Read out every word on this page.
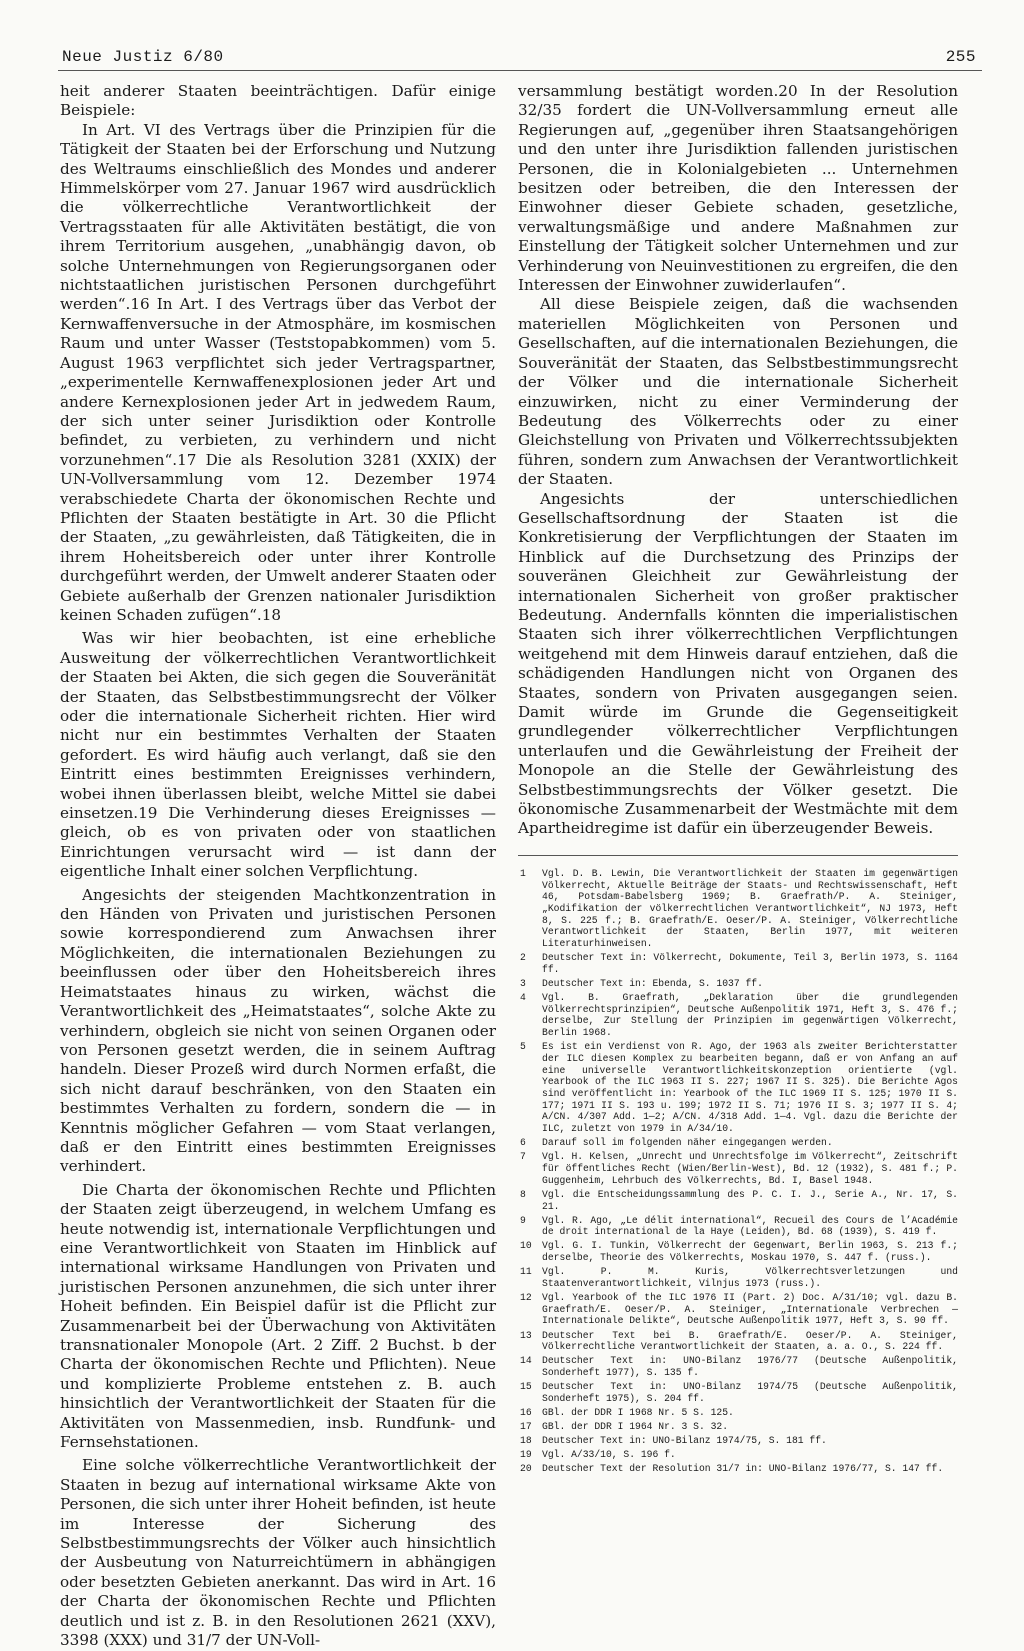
Neue Justiz 6/80	255

heit anderer Staaten beeinträchtigen. Dafür einige Beispiele:

In Art. VI des Vertrags über die Prinzipien für die Tätigkeit der Staaten bei der Erforschung und Nutzung des Weltraums einschließlich des Mondes und anderer Himmelskörper vom 27. Januar 1967 wird ausdrücklich die völkerrechtliche Verantwortlichkeit der Vertragsstaaten für alle Aktivitäten bestätigt, die von ihrem Territorium ausgehen, „unabhängig davon, ob solche Unternehmungen von Regierungsorganen oder nichtstaatlichen juristischen Personen durchgeführt werden“.16 In Art. I des Vertrags über das Verbot der Kernwaffenversuche in der Atmosphäre, im kosmischen Raum und unter Wasser (Teststopabkommen) vom 5. August 1963 verpflichtet sich jeder Vertragspartner, „experimentelle Kernwaffenexplosionen jeder Art und andere Kernexplosionen jeder Art in jedwedem Raum, der sich unter seiner Jurisdiktion oder Kontrolle befindet, zu verbieten, zu verhindern und nicht vorzunehmen“.17 Die als Resolution 3281 (XXIX) der UN-Vollversammlung vom 12. Dezember 1974 verabschiedete Charta der ökonomischen Rechte und Pflichten der Staaten bestätigte in Art. 30 die Pflicht der Staaten, „zu gewährleisten, daß Tätigkeiten, die in ihrem Hoheitsbereich oder unter ihrer Kontrolle durchgeführt werden, der Umwelt anderer Staaten oder Gebiete außerhalb der Grenzen nationaler Jurisdiktion keinen Schaden zufügen“.18

Was wir hier beobachten, ist eine erhebliche Ausweitung der völkerrechtlichen Verantwortlichkeit der Staaten bei Akten, die sich gegen die Souveränität der Staaten, das Selbstbestimmungsrecht der Völker oder die internationale Sicherheit richten. Hier wird nicht nur ein bestimmtes Verhalten der Staaten gefordert. Es wird häufig auch verlangt, daß sie den Eintritt eines bestimmten Ereignisses verhindern, wobei ihnen überlassen bleibt, welche Mittel sie dabei einsetzen.19 Die Verhinderung dieses Ereignisses — gleich, ob es von privaten oder von staatlichen Einrichtungen verursacht wird — ist dann der eigentliche Inhalt einer solchen Verpflichtung.

Angesichts der steigenden Machtkonzentration in den Händen von Privaten und juristischen Personen sowie korrespondierend zum Anwachsen ihrer Möglichkeiten, die internationalen Beziehungen zu beeinflussen oder über den Hoheitsbereich ihres Heimatstaates hinaus zu wirken, wächst die Verantwortlichkeit des „Heimatstaates“, solche Akte zu verhindern, obgleich sie nicht von seinen Organen oder von Personen gesetzt werden, die in seinem Auftrag handeln. Dieser Prozeß wird durch Normen erfaßt, die sich nicht darauf beschränken, von den Staaten ein bestimmtes Verhalten zu fordern, sondern die — in Kenntnis möglicher Gefahren — vom Staat verlangen, daß er den Eintritt eines bestimmten Ereignisses verhindert.

Die Charta der ökonomischen Rechte und Pflichten der Staaten zeigt überzeugend, in welchem Umfang es heute notwendig ist, internationale Verpflichtungen und eine Verantwortlichkeit von Staaten im Hinblick auf international wirksame Handlungen von Privaten und juristischen Personen anzunehmen, die sich unter ihrer Hoheit befinden. Ein Beispiel dafür ist die Pflicht zur Zusammenarbeit bei der Überwachung von Aktivitäten transnationaler Monopole (Art. 2 Ziff. 2 Buchst. b der Charta der ökonomischen Rechte und Pflichten). Neue und komplizierte Probleme entstehen z. B. auch hinsichtlich der Verantwortlichkeit der Staaten für die Aktivitäten von Massenmedien, insb. Rundfunk- und Fernsehstationen.

Eine solche völkerrechtliche Verantwortlichkeit der Staaten in bezug auf international wirksame Akte von Personen, die sich unter ihrer Hoheit befinden, ist heute im Interesse der Sicherung des Selbstbestimmungsrechts der Völker auch hinsichtlich der Ausbeutung von Naturreichtümern in abhängigen oder besetzten Gebieten anerkannt. Das wird in Art. 16 der Charta der ökonomischen Rechte und Pflichten deutlich und ist z. B. in den Resolutionen 2621 (XXV), 3398 (XXX) und 31/7 der UN-Voll-

versammlung bestätigt worden.20 In der Resolution 32/35 fordert die UN-Vollversammlung erneut alle Regierungen auf, „gegenüber ihren Staatsangehörigen und den unter ihre Jurisdiktion fallenden juristischen Personen, die in Kolonialgebieten ... Unternehmen besitzen oder betreiben, die den Interessen der Einwohner dieser Gebiete schaden, gesetzliche, verwaltungsmäßige und andere Maßnahmen zur Einstellung der Tätigkeit solcher Unternehmen und zur Verhinderung von Neuinvestitionen zu ergreifen, die den Interessen der Einwohner zuwiderlaufen“.

All diese Beispiele zeigen, daß die wachsenden materiellen Möglichkeiten von Personen und Gesellschaften, auf die internationalen Beziehungen, die Souveränität der Staaten, das Selbstbestimmungsrecht der Völker und die internationale Sicherheit einzuwirken, nicht zu einer Verminderung der Bedeutung des Völkerrechts oder zu einer Gleichstellung von Privaten und Völkerrechtssubjekten führen, sondern zum Anwachsen der Verantwortlichkeit der Staaten.

Angesichts der unterschiedlichen Gesellschaftsordnung der Staaten ist die Konkretisierung der Verpflichtungen der Staaten im Hinblick auf die Durchsetzung des Prinzips der souveränen Gleichheit zur Gewährleistung der internationalen Sicherheit von großer praktischer Bedeutung. Andernfalls könnten die imperialistischen Staaten sich ihrer völkerrechtlichen Verpflichtungen weitgehend mit dem Hinweis darauf entziehen, daß die schädigenden Handlungen nicht von Organen des Staates, sondern von Privaten ausgegangen seien. Damit würde im Grunde die Gegenseitigkeit grundlegender völkerrechtlicher Verpflichtungen unterlaufen und die Gewährleistung der Freiheit der Monopole an die Stelle der Gewährleistung des Selbstbestimmungsrechts der Völker gesetzt. Die ökonomische Zusammenarbeit der Westmächte mit dem Apartheidregime ist dafür ein überzeugender Beweis.

1	Vgl. D. B. Lewin, Die Verantwortlichkeit der Staaten im gegenwärtigen Völkerrecht, Aktuelle Beiträge der Staats- und Rechtswissenschaft, Heft 46, Potsdam-Babelsberg 1969; B. Graefrath/P. A. Steiniger, „Kodifikation der völkerrechtlichen Verantwortlichkeit“, NJ 1973, Heft 8, S. 225 f.; B. Graefrath/E. Oeser/P. A. Steiniger, Völkerrechtliche Verantwortlichkeit der Staaten, Berlin 1977, mit weiteren Literaturhinweisen.
2	Deutscher Text in: Völkerrecht, Dokumente, Teil 3, Berlin 1973, S. 1164 ff.
3	Deutscher Text in: Ebenda, S. 1037 ff.
4	Vgl. B. Graefrath, „Deklaration über die grundlegenden Völkerrechtsprinzipien“, Deutsche Außenpolitik 1971, Heft 3, S. 476 f.; derselbe, Zur Stellung der Prinzipien im gegenwärtigen Völkerrecht, Berlin 1968.
5	Es ist ein Verdienst von R. Ago, der 1963 als zweiter Berichterstatter der ILC diesen Komplex zu bearbeiten begann, daß er von Anfang an auf eine universelle Verantwortlichkeitskonzeption orientierte (vgl. Yearbook of the ILC 1963 II S. 227; 1967 II S. 325). Die Berichte Agos sind veröffentlicht in: Yearbook of the ILC 1969 II S. 125; 1970 II S. 177; 1971 II S. 193 u. 199; 1972 II S. 71; 1976 II S. 3; 1977 II S. 4; A/CN. 4/307 Add. 1—2; A/CN. 4/318 Add. 1—4. Vgl. dazu die Berichte der ILC, zuletzt von 1979 in A/34/10.
6	Darauf soll im folgenden näher eingegangen werden.
7	Vgl. H. Kelsen, „Unrecht und Unrechtsfolge im Völkerrecht“, Zeitschrift für öffentliches Recht (Wien/Berlin-West), Bd. 12 (1932), S. 481 f.; P. Guggenheim, Lehrbuch des Völkerrechts, Bd. I, Basel 1948.
8	Vgl. die Entscheidungssammlung des P. C. I. J., Serie A., Nr. 17, S. 21.
9	Vgl. R. Ago, „Le délit international“, Recueil des Cours de l’Académie de droit international de la Haye (Leiden), Bd. 68 (1939), S. 419 f.
10	Vgl. G. I. Tunkin, Völkerrecht der Gegenwart, Berlin 1963, S. 213 f.; derselbe, Theorie des Völkerrechts, Moskau 1970, S. 447 f. (russ.).
11	Vgl. P. M. Kuris, Völkerrechtsverletzungen und Staatenverantwortlichkeit, Vilnjus 1973 (russ.).
12	Vgl. Yearbook of the ILC 1976 II (Part. 2) Doc. A/31/10; vgl. dazu B. Graefrath/E. Oeser/P. A. Steiniger, „Internationale Verbrechen — Internationale Delikte“, Deutsche Außenpolitik 1977, Heft 3, S. 90 ff.
13	Deutscher Text bei B. Graefrath/E. Oeser/P. A. Steiniger, Völkerrechtliche Verantwortlichkeit der Staaten, a. a. O., S. 224 ff.
14	Deutscher Text in: UNO-Bilanz 1976/77 (Deutsche Außenpolitik, Sonderheft 1977), S. 135 f.
15	Deutscher Text in: UNO-Bilanz 1974/75 (Deutsche Außenpolitik, Sonderheft 1975), S. 204 ff.
16	GBl. der DDR I 1968 Nr. 5 S. 125.
17	GBl. der DDR I 1964 Nr. 3 S. 32.
18	Deutscher Text in: UNO-Bilanz 1974/75, S. 181 ff.
19	Vgl. A/33/10, S. 196 f.
20	Deutscher Text der Resolution 31/7 in: UNO-Bilanz 1976/77, S. 147 ff.
